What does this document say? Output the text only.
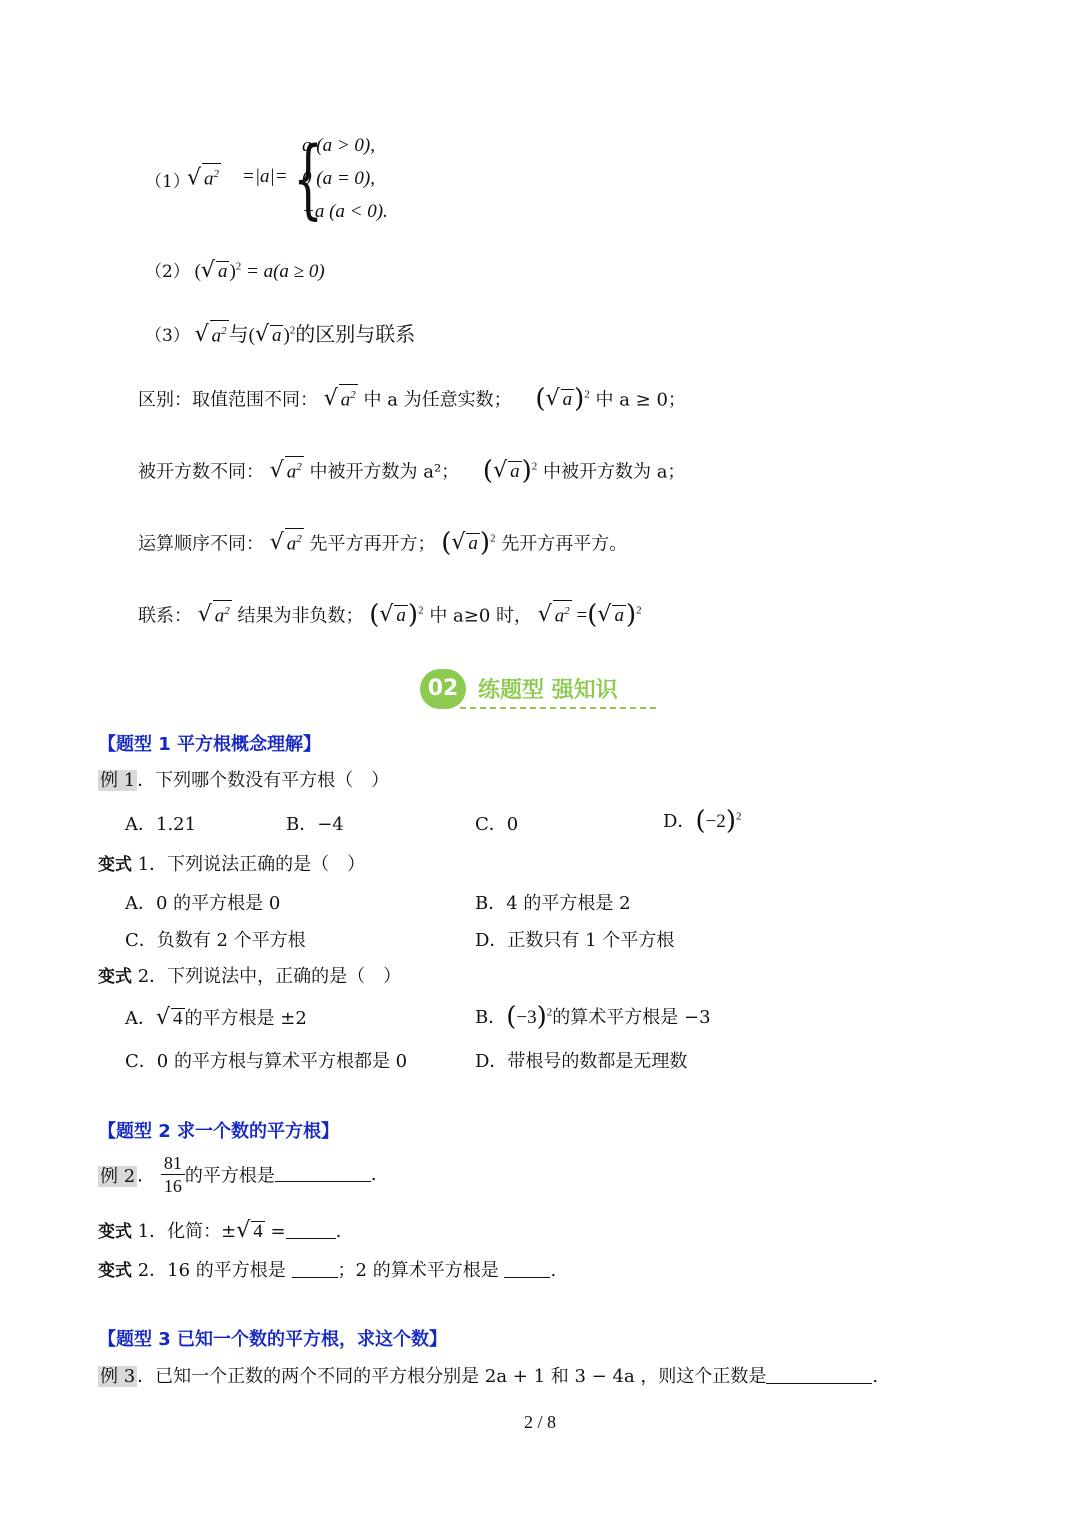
（1）
√ $a^2 =|a|=$ {
a (a > 0),
0 (a = 0),
−a (a < 0).
（2） (√ a )$^2$ = a(a ≥ 0)
（3） √ $a^2$ 与(√ a )$^2$的区别与联系
区别：取值范围不同： √ $a^2$ 中 a 为任意实数； (√ a)$^2$ 中 a ≥ 0；
被开方数不同： √ $a^2$ 中被开方数为 a²； (√ a)$^2$ 中被开方数为 a；
运算顺序不同： √ $a^2$ 先平方再开方； (√ a)$^2$ 先开方再平方。
联系： √ $a^2$ 结果为非负数； (√ a)$^2$ 中 a≥0 时， √ $a^2$ =(√ a)$^2$
02 练题型 强知识
【题型 1 平方根概念理解】
例 1 ．下列哪个数没有平方根（　）
A．1.21	B．−4	C．0	D．$(-2)^2$
变式 1．下列说法正确的是（　）
A．0 的平方根是 0	B．4 的平方根是 2
C．负数有 2 个平方根	D．正数只有 1 个平方根
变式 2．下列说法中，正确的是（　）
A．√ 4 的平方根是 ±2	B．$(-3)^2$的算术平方根是 −3
C．0 的平方根与算术平方根都是 0	D．带根号的数都是无理数
【题型 2 求一个数的平方根】
例 2 ． $\frac{81}{16}$ 的平方根是	.
变式 1．化简：±√ 4 =	.
变式 2．16 的平方根是	；2 的算术平方根是	.
【题型 3 已知一个数的平方根，求这个数】
例 3 ．已知一个正数的两个不同的平方根分别是 2a + 1 和 3 − 4a ，则这个正数是	.
2 / 8
